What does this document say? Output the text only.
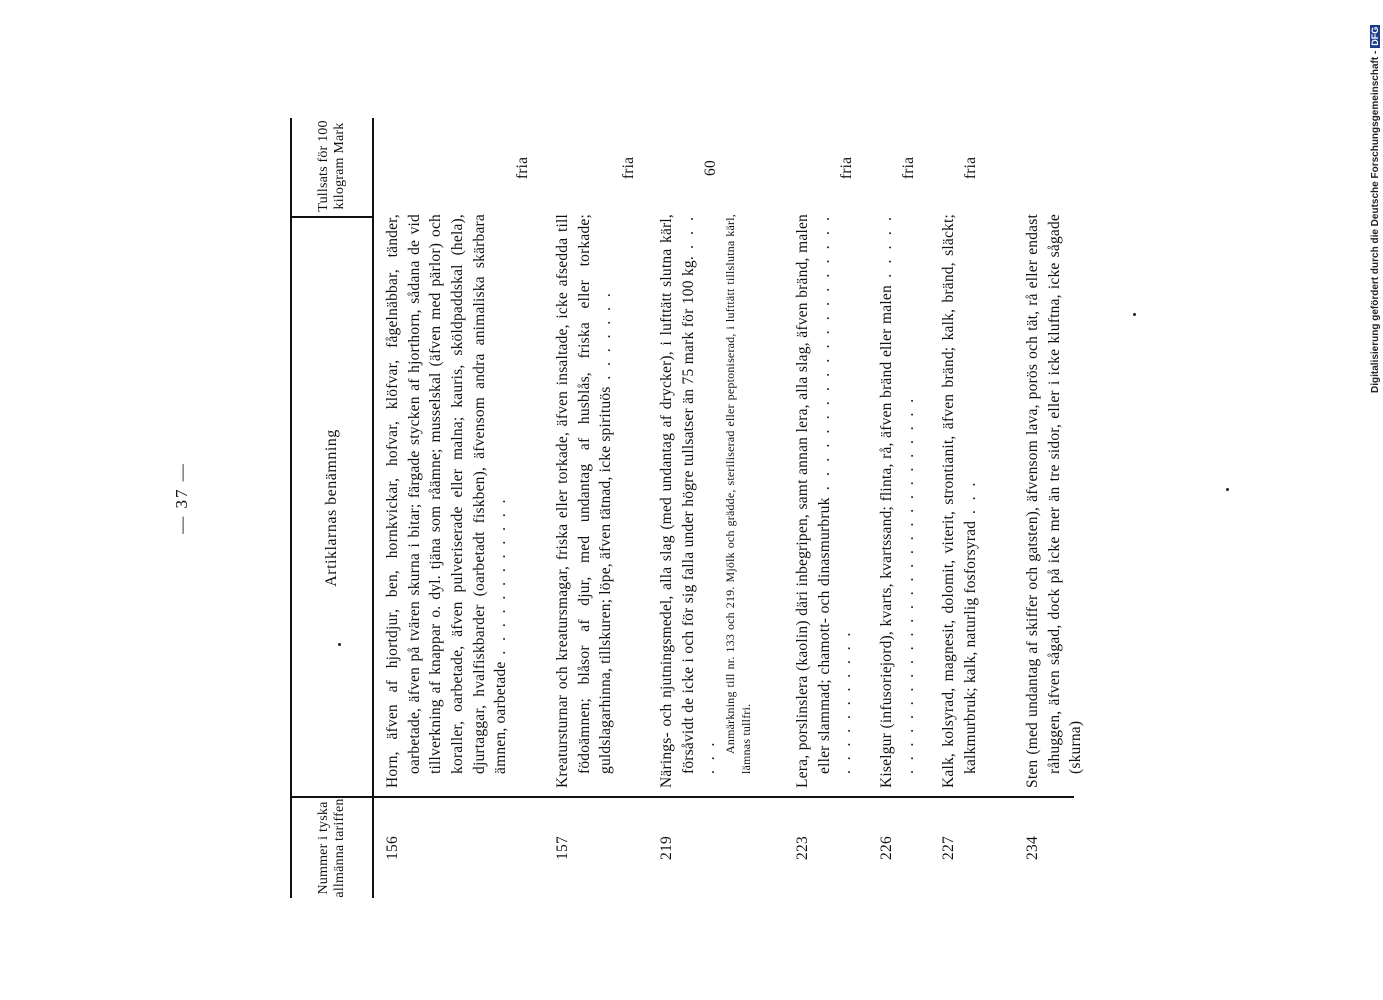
— 37 —
Nummer i tyska allmänna tariffen
Artiklarnas benämning
Tullsats för 100 kilogram Mark
156
Horn, äfven af hjortdjur, ben, hornkvickar, hofvar, klöfvar, fågelnäbbar, tänder, oarbetade, äfven på tvären skurna i bitar; färgade stycken af hjorthorn, sådana de vid tillverkning af knappar o. dyl. tjäna som råämne; musselskal (äfven med pärlor) och koraller, oarbetade, äfven pulveriserade eller malna; kauris, sköldpaddskal (hela), djurtaggar, hvalfiskbarder (oarbetadt fiskben), äfvensom andra animaliska skärbara ämnen, oarbetade . . . . . . . . . . . .
fria
157
Kreatursturnar och kreatursmagar, friska eller torkade, äfven insaltade, icke afsedda till födoämnen; blåsor af djur, med undantag af husblås, friska eller torkade; guldslagarhinna, tillskuren; löpe, äfven tätnad, icke spirituös . . . . . . .
fria
219
Närings- och njutningsmedel, alla slag (med undantag af drycker), i lufttätt slutna kärl, försåvidt de icke i och för sig falla under högre tullsatser än 75 mark för 100 kg. . . . . . .
Anmärkning till nr. 133 och 219. Mjölk och grädde, steriliserad eller peptoniserad, i lufttätt tillslutna kärl, lämnas tullfri.
60
223
Lera, porslinslera (kaolin) däri inbegripen, samt annan lera, alla slag, äfven bränd, malen eller slammad; chamott- och dinasmurbruk . . . . . . . . . . . . . . . . . . . . . . . . . . . . . . .
fria
226
Kiselgur (infusoriejord), kvarts, kvartssand; flinta, rå, äfven bränd eller malen . . . . . . . . . . . . . . . . . . . . . . . . . . . . . . . . .
fria
227
Kalk, kolsyrad, magnesit, dolomit, viterit, strontianit, äfven bränd; kalk, bränd, släckt; kalkmurbruk; kalk, naturlig fosforsyrad . . .
fria
234
Sten (med undantag af skiffer och gatsten), äfvensom lava, porös och tät, rå eller endast råhuggen, äfven sågad, dock på icke mer än tre sidor, eller i icke kluftna, icke sågade (skurna)
Digitalisierung gefördert durch die Deutsche Forschungsgemeinschaft -DFG
